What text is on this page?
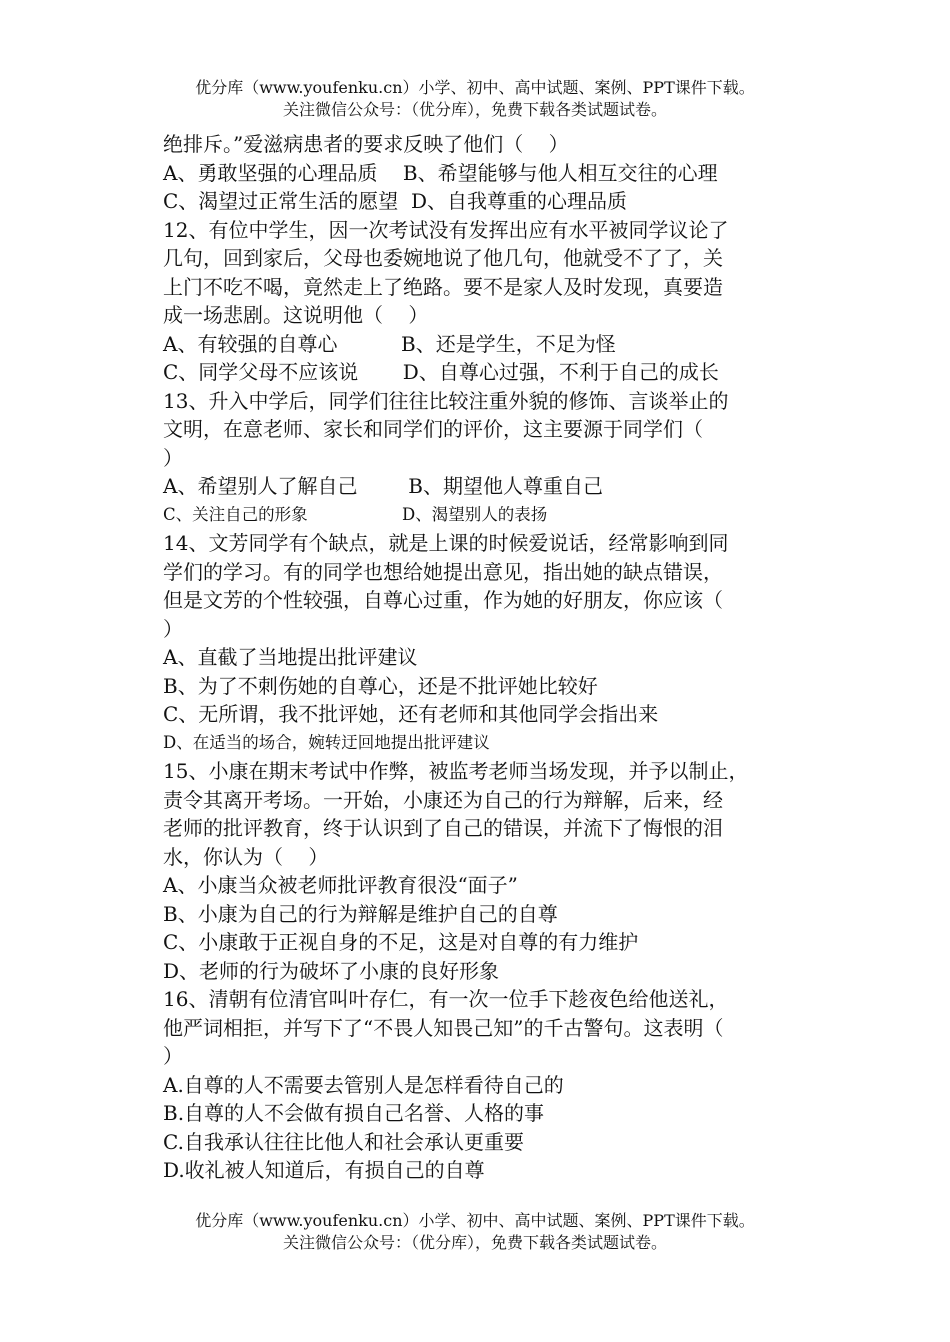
优分库（www.youfenku.cn）小学、初中、高中试题、案例、PPT课件下载。
关注微信公众号：（优分库），免费下载各类试题试卷。
绝排斥。”爱滋病患者的要求反映了他们（    ）
A、勇敢坚强的心理品质    B、希望能够与他人相互交往的心理
C、渴望过正常生活的愿望  D、自我尊重的心理品质
12、有位中学生，因一次考试没有发挥出应有水平被同学议论了
几句，回到家后，父母也委婉地说了他几句，他就受不了了，关
上门不吃不喝，竟然走上了绝路。要不是家人及时发现，真要造
成一场悲剧。这说明他（    ）
A、有较强的自尊心          B、还是学生，不足为怪
C、同学父母不应该说       D、自尊心过强，不利于自己的成长
13、升入中学后，同学们往往比较注重外貌的修饰、言谈举止的
文明，在意老师、家长和同学们的评价，这主要源于同学们（
）
A、希望别人了解自己        B、期望他人尊重自己
C、关注自己的形象                  D、渴望别人的表扬
14、文芳同学有个缺点，就是上课的时候爱说话，经常影响到同
学们的学习。有的同学也想给她提出意见，指出她的缺点错误，
但是文芳的个性较强，自尊心过重，作为她的好朋友，你应该（
）
A、直截了当地提出批评建议
B、为了不刺伤她的自尊心，还是不批评她比较好
C、无所谓，我不批评她，还有老师和其他同学会指出来
D、在适当的场合，婉转迂回地提出批评建议
15、小康在期末考试中作弊，被监考老师当场发现，并予以制止，
责令其离开考场。一开始，小康还为自己的行为辩解，后来，经
老师的批评教育，终于认识到了自己的错误，并流下了悔恨的泪
水，你认为（    ）
A、小康当众被老师批评教育很没“面子”
B、小康为自己的行为辩解是维护自己的自尊
C、小康敢于正视自身的不足，这是对自尊的有力维护
D、老师的行为破坏了小康的良好形象
16、清朝有位清官叫叶存仁，有一次一位手下趁夜色给他送礼，
他严词相拒，并写下了“不畏人知畏己知”的千古警句。这表明（
）
A.自尊的人不需要去管别人是怎样看待自己的
B.自尊的人不会做有损自己名誉、人格的事
C.自我承认往往比他人和社会承认更重要
D.收礼被人知道后，有损自己的自尊
优分库（www.youfenku.cn）小学、初中、高中试题、案例、PPT课件下载。
关注微信公众号：（优分库），免费下载各类试题试卷。
